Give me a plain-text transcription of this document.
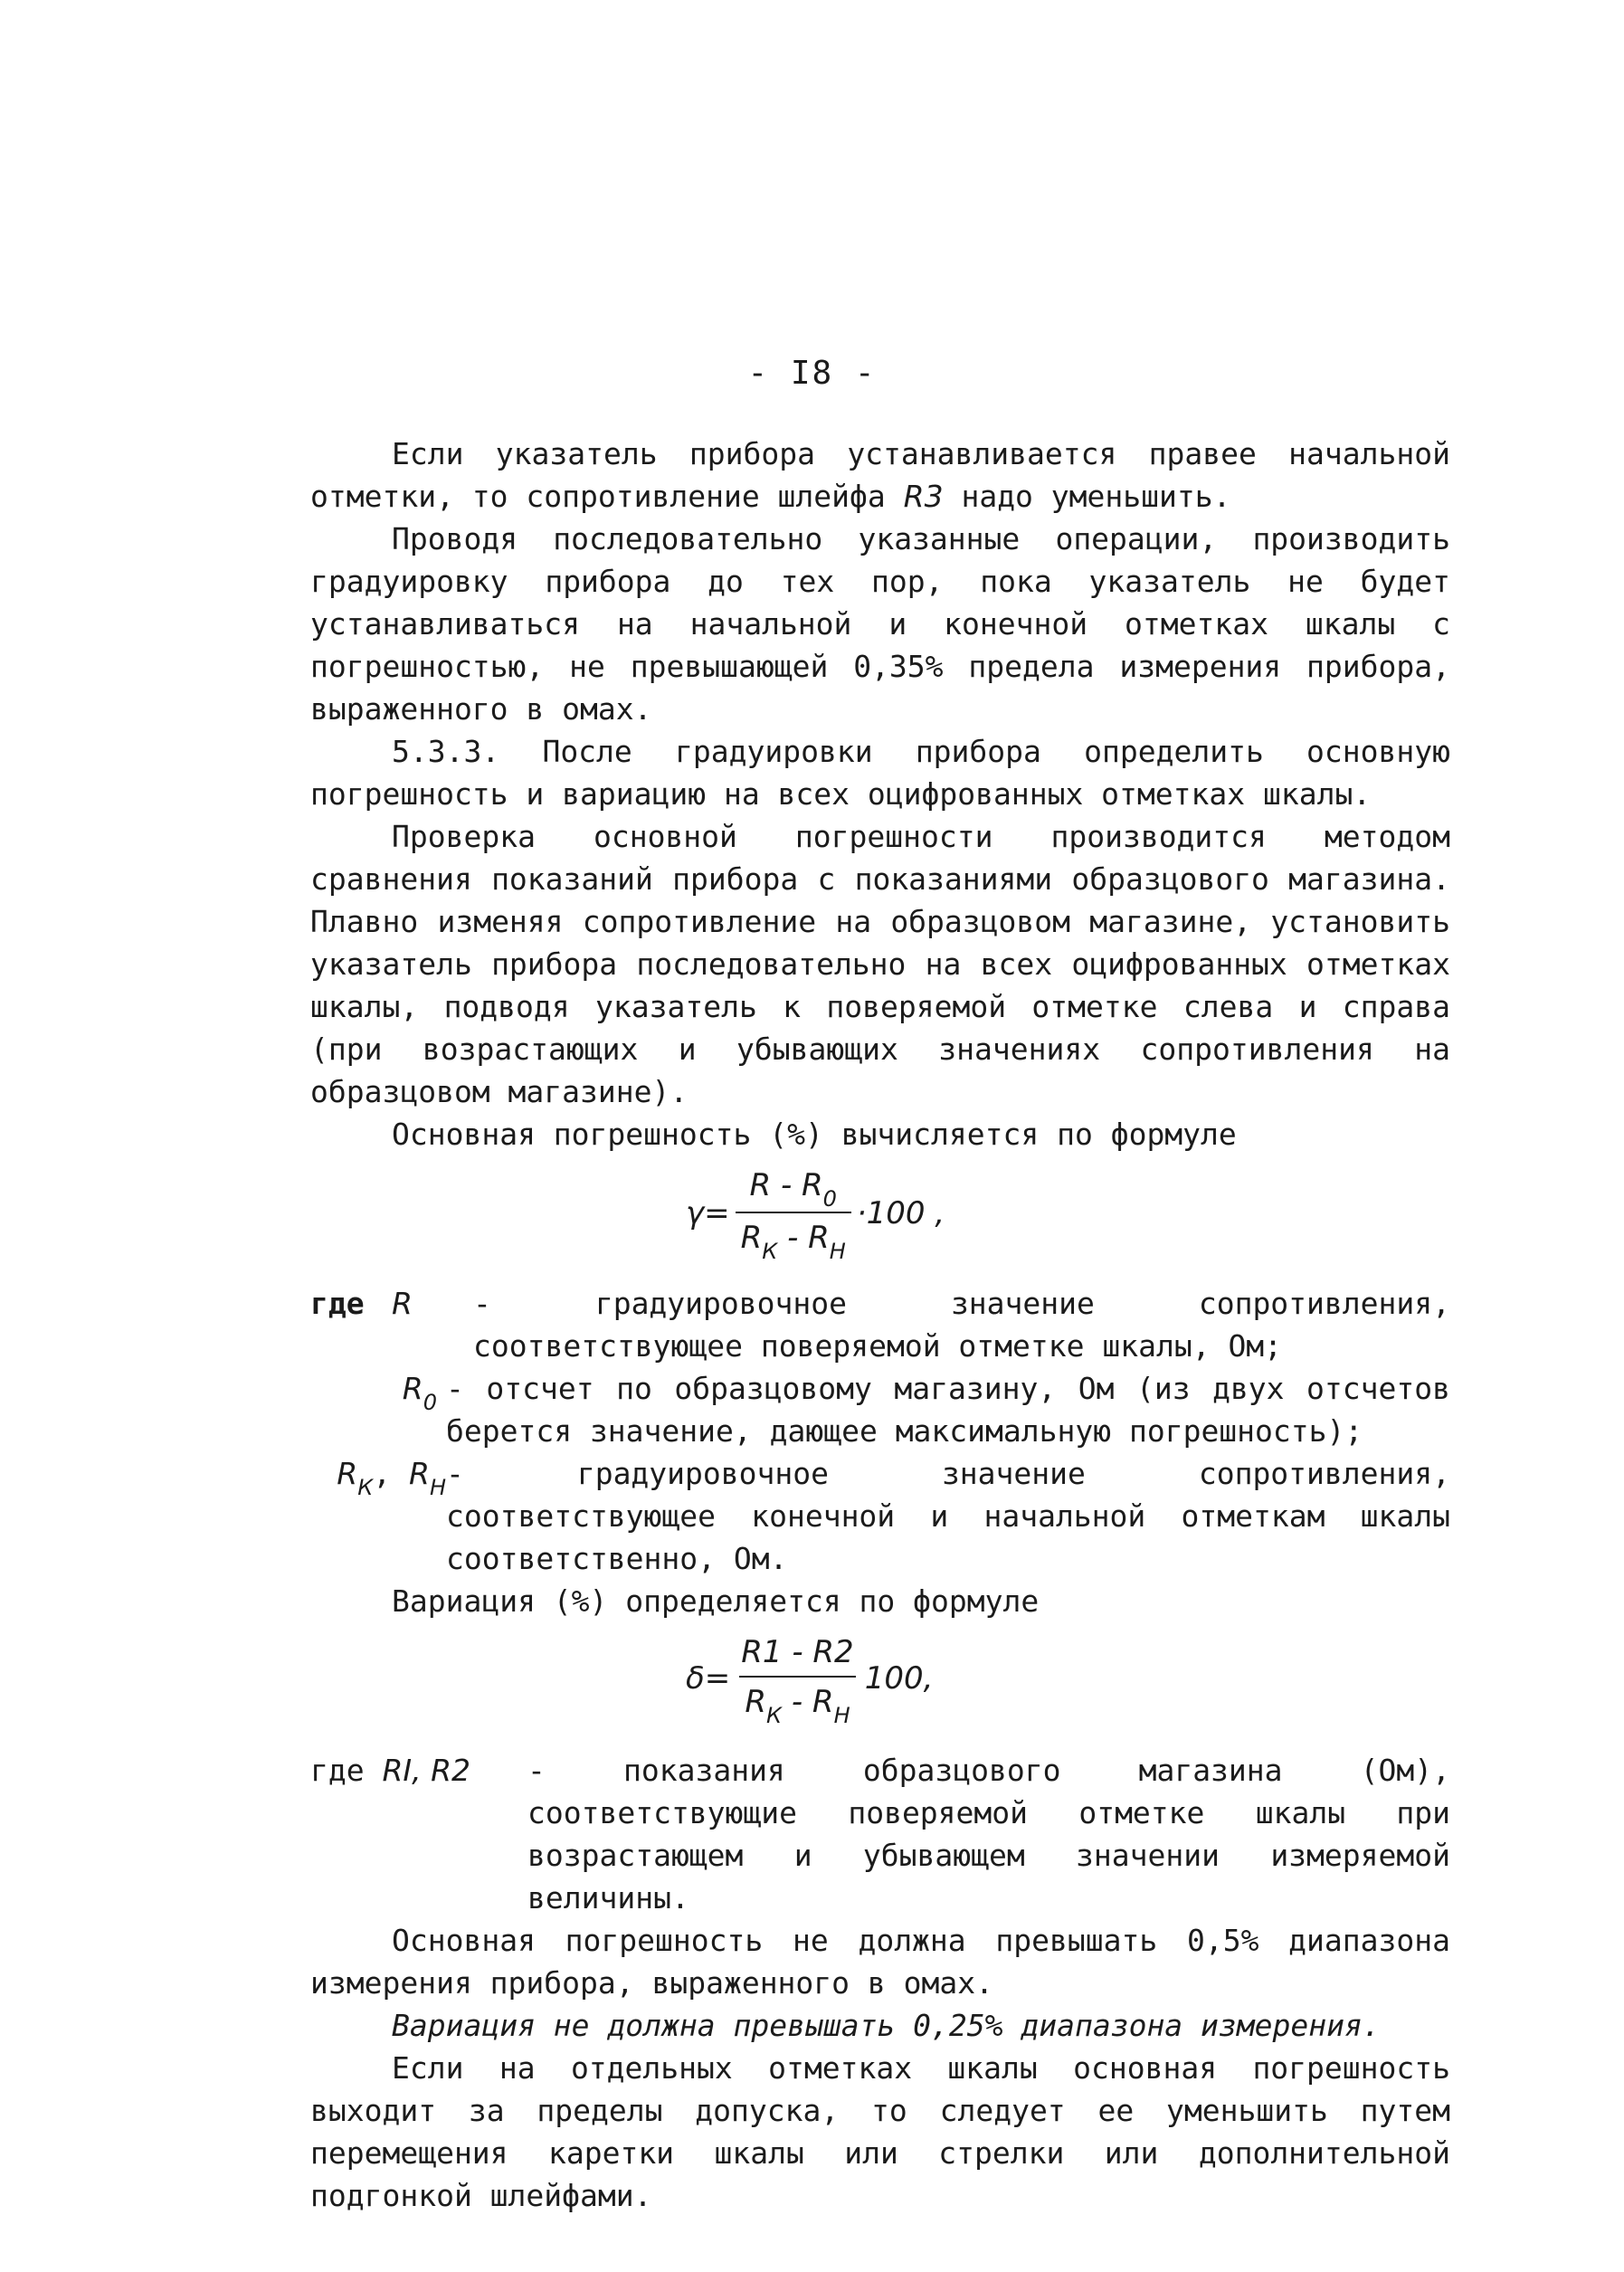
- I8 -
Если указатель прибора устанавливается правее начальной отметки, то сопротивление шлейфа R3 надо уменьшить.
Проводя последовательно указанные операции, производить градуировку прибора до тех пор, пока указатель не будет устанавливаться на начальной и конечной отметках шкалы с погрешностью, не превышающей 0,35% предела измерения прибора, выраженного в омах.
5.3.3. После градуировки прибора определить основную погрешность и вариацию на всех оцифрованных отметках шкалы.
Проверка основной погрешности производится методом сравнения показаний прибора с показаниями образцового магазина. Плавно изменяя сопротивление на образцовом магазине, установить указатель прибора последовательно на всех оцифрованных отметках шкалы, подводя указатель к поверяемой отметке слева и справа (при возрастающих и убывающих значениях сопротивления на образцовом магазине).
Основная погрешность (%) вычисляется по формуле
$\gamma= \frac{R - R_0}{R_К - R_Н} \cdot 100$ ,
где R	- градуировочное значение сопротивления, соответствующее поверяемой отметке шкалы, Ом;
$R_0$ - отсчет по образцовому магазину, Ом (из двух отсчетов берется значение, дающее максимальную погрешность);
$R_К$, $R_Н$ - градуировочное значение сопротивления, соответствующее конечной и начальной отметкам шкалы соответственно, Ом.
Вариация (%) определяется по формуле
$\delta= \frac{R1 - R2}{R_К - R_Н} 100$,
где RI, R2	- показания образцового магазина (Ом), соответствующие поверяемой отметке шкалы при возрастающем и убывающем значении измеряемой величины.
Основная погрешность не должна превышать 0,5% диапазона измерения прибора, выраженного в омах.
Вариация не должна превышать 0,25% диапазона измерения.
Если на отдельных отметках шкалы основная погрешность выходит за пределы допуска, то следует ее уменьшить путем перемещения каретки шкалы или стрелки или дополнительной подгонкой шлейфами.
